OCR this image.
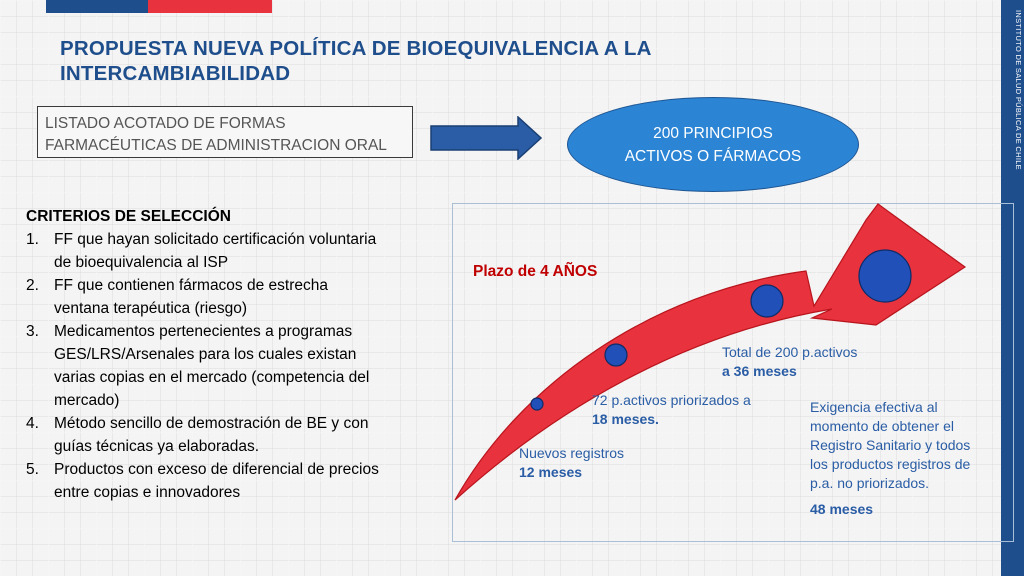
INSTITUTO DE SALUD PÚBLICA DE CHILE
PROPUESTA NUEVA POLÍTICA DE BIOEQUIVALENCIA A LA
INTERCAMBIABILIDAD
LISTADO ACOTADO DE FORMAS
FARMACÉUTICAS DE ADMINISTRACION ORAL
200 PRINCIPIOS
ACTIVOS O FÁRMACOS
CRITERIOS DE SELECCIÓN
1. FF que hayan solicitado certificación voluntaria
de bioequivalencia al ISP
2. FF que contienen fármacos de estrecha
ventana terapéutica (riesgo)
3. Medicamentos pertenecientes a programas
GES/LRS/Arsenales para los cuales existan
varias copias en el mercado (competencia del
mercado)
4. Método sencillo de demostración de BE y con
guías técnicas ya elaboradas.
5. Productos con exceso de diferencial de precios
entre copias e innovadores
Plazo de 4 AÑOS
Nuevos registros
12 meses
72 p.activos priorizados a
18 meses.
Total de 200 p.activos
a 36 meses
Exigencia efectiva al
momento de obtener el
Registro Sanitario y todos
los productos registros de
p.a. no priorizados.
48 meses
